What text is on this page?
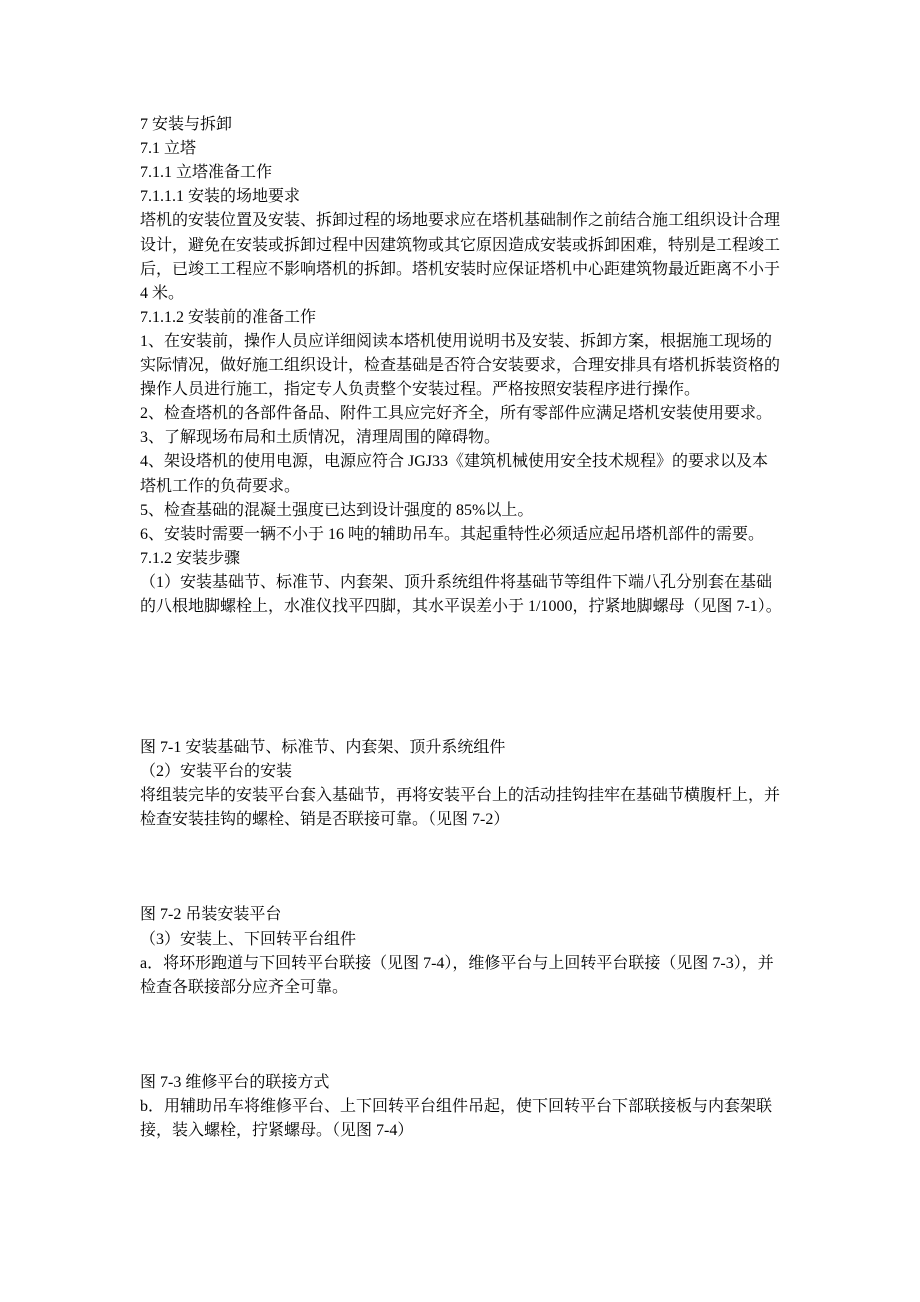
7 安装与拆卸
7.1 立塔
7.1.1 立塔准备工作
7.1.1.1 安装的场地要求
塔机的安装位置及安装、拆卸过程的场地要求应在塔机基础制作之前结合施工组织设计合理
设计，避免在安装或拆卸过程中因建筑物或其它原因造成安装或拆卸困难，特别是工程竣工
后，已竣工工程应不影响塔机的拆卸。塔机安装时应保证塔机中心距建筑物最近距离不小于
4 米。
7.1.1.2 安装前的准备工作
1、在安装前，操作人员应详细阅读本塔机使用说明书及安装、拆卸方案，根据施工现场的
实际情况，做好施工组织设计，检查基础是否符合安装要求，合理安排具有塔机拆装资格的
操作人员进行施工，指定专人负责整个安装过程。严格按照安装程序进行操作。
2、检查塔机的各部件备品、附件工具应完好齐全，所有零部件应满足塔机安装使用要求。
3、了解现场布局和土质情况，清理周围的障碍物。
4、架设塔机的使用电源，电源应符合 JGJ33《建筑机械使用安全技术规程》的要求以及本
塔机工作的负荷要求。
5、检查基础的混凝土强度已达到设计强度的 85%以上。
6、安装时需要一辆不小于 16 吨的辅助吊车。其起重特性必须适应起吊塔机部件的需要。
7.1.2 安装步骤
（1）安装基础节、标准节、内套架、顶升系统组件将基础节等组件下端八孔分别套在基础
的八根地脚螺栓上，水准仪找平四脚，其水平误差小于 1/1000，拧紧地脚螺母（见图 7-1）。
图 7-1 安装基础节、标准节、内套架、顶升系统组件
（2）安装平台的安装
将组装完毕的安装平台套入基础节，再将安装平台上的活动挂钩挂牢在基础节横腹杆上，并
检查安装挂钩的螺栓、销是否联接可靠。（见图 7-2）
图 7-2 吊装安装平台
（3）安装上、下回转平台组件
a．将环形跑道与下回转平台联接（见图 7-4），维修平台与上回转平台联接（见图 7-3），并
检查各联接部分应齐全可靠。
图 7-3 维修平台的联接方式
b．用辅助吊车将维修平台、上下回转平台组件吊起，使下回转平台下部联接板与内套架联
接，装入螺栓，拧紧螺母。（见图 7-4）
